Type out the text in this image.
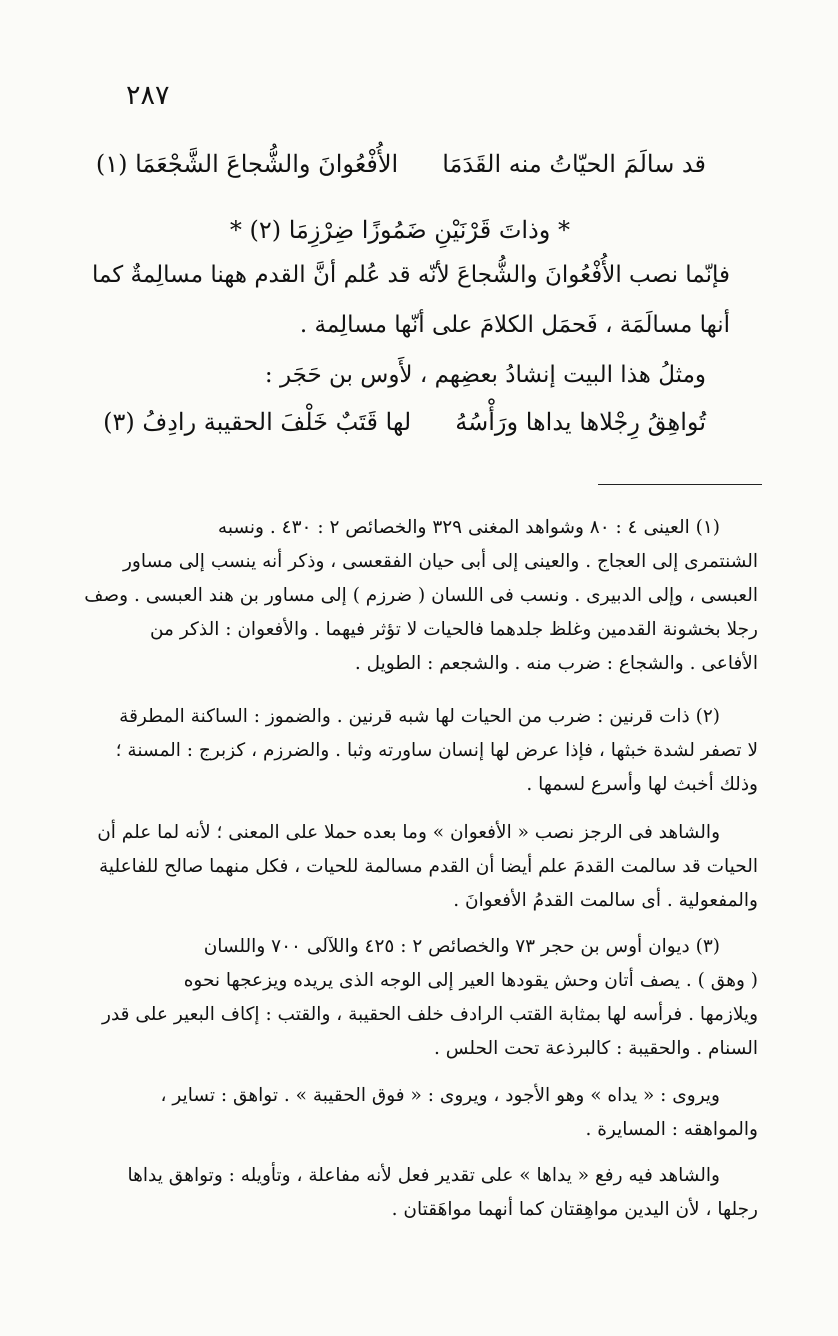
٢٨٧
قد سالَمَ الحيّاتُ منه القَدَمَاالأُفْعُوانَ والشُّجاعَ الشَّجْعَمَا (١)
* وذاتَ قَرْنَيْنِ ضَمُوزًا ضِرْزِمَا (٢) *
فإنّما نصب الأُفْعُوانَ والشُّجاعَ لأنّه قد عُلم أنَّ القدم ههنا مسالِمةٌ كما
أنها مسالَمَة ، فَحمَل الكلامَ على أنّها مسالِمة .
ومثلُ هذا البيت إنشادُ بعضِهم ، لأَوس بن حَجَر :
تُواهِقُ رِجْلاها يداها ورَأْسُهُلها قَتَبٌ خَلْفَ الحقيبة رادِفُ (٣)
(١) العينى ٤ : ٨٠ وشواهد المغنى ٣٢٩ والخصائص ٢ : ٤٣٠ . ونسبه
الشنتمرى إلى العجاج . والعينى إلى أبى حيان الفقعسى ، وذكر أنه ينسب إلى مساور
العبسى ، وإلى الدبيرى . ونسب فى اللسان ( ضرزم ) إلى مساور بن هند العبسى . وصف
رجلا بخشونة القدمين وغلظ جلدهما فالحيات لا تؤثر فيهما . والأفعوان : الذكر من
الأفاعى . والشجاع : ضرب منه . والشجعم : الطويل .
(٢) ذات قرنين : ضرب من الحيات لها شبه قرنين . والضموز : الساكنة المطرقة
لا تصفر لشدة خبثها ، فإذا عرض لها إنسان ساورته وثبا . والضرزم ، كزبرج : المسنة ؛
وذلك أخبث لها وأسرع لسمها .
والشاهد فى الرجز نصب « الأفعوان » وما بعده حملا على المعنى ؛ لأنه لما علم أن
الحيات قد سالمت القدمَ علم أيضا أن القدم مسالمة للحيات ، فكل منهما صالح للفاعلية
والمفعولية . أى سالمت القدمُ الأفعوانَ .
(٣) ديوان أوس بن حجر ٧٣ والخصائص ٢ : ٤٢٥ واللآلى ٧٠٠ واللسان
( وهق ) . يصف أتان وحش يقودها العير إلى الوجه الذى يريده ويزعجها نحوه
ويلازمها . فرأسه لها بمثابة القتب الرادف خلف الحقيبة ، والقتب : إكاف البعير على قدر
السنام . والحقيبة : كالبرذعة تحت الحلس .
ويروى : « يداه » وهو الأجود ، ويروى : « فوق الحقيبة » . تواهق : تساير ،
والمواهقه : المسايرة .
والشاهد فيه رفع « يداها » على تقدير فعل لأنه مفاعلة ، وتأويله : وتواهق يداها
رجلها ، لأن اليدين مواهِقتان كما أنهما مواهَقتان .
